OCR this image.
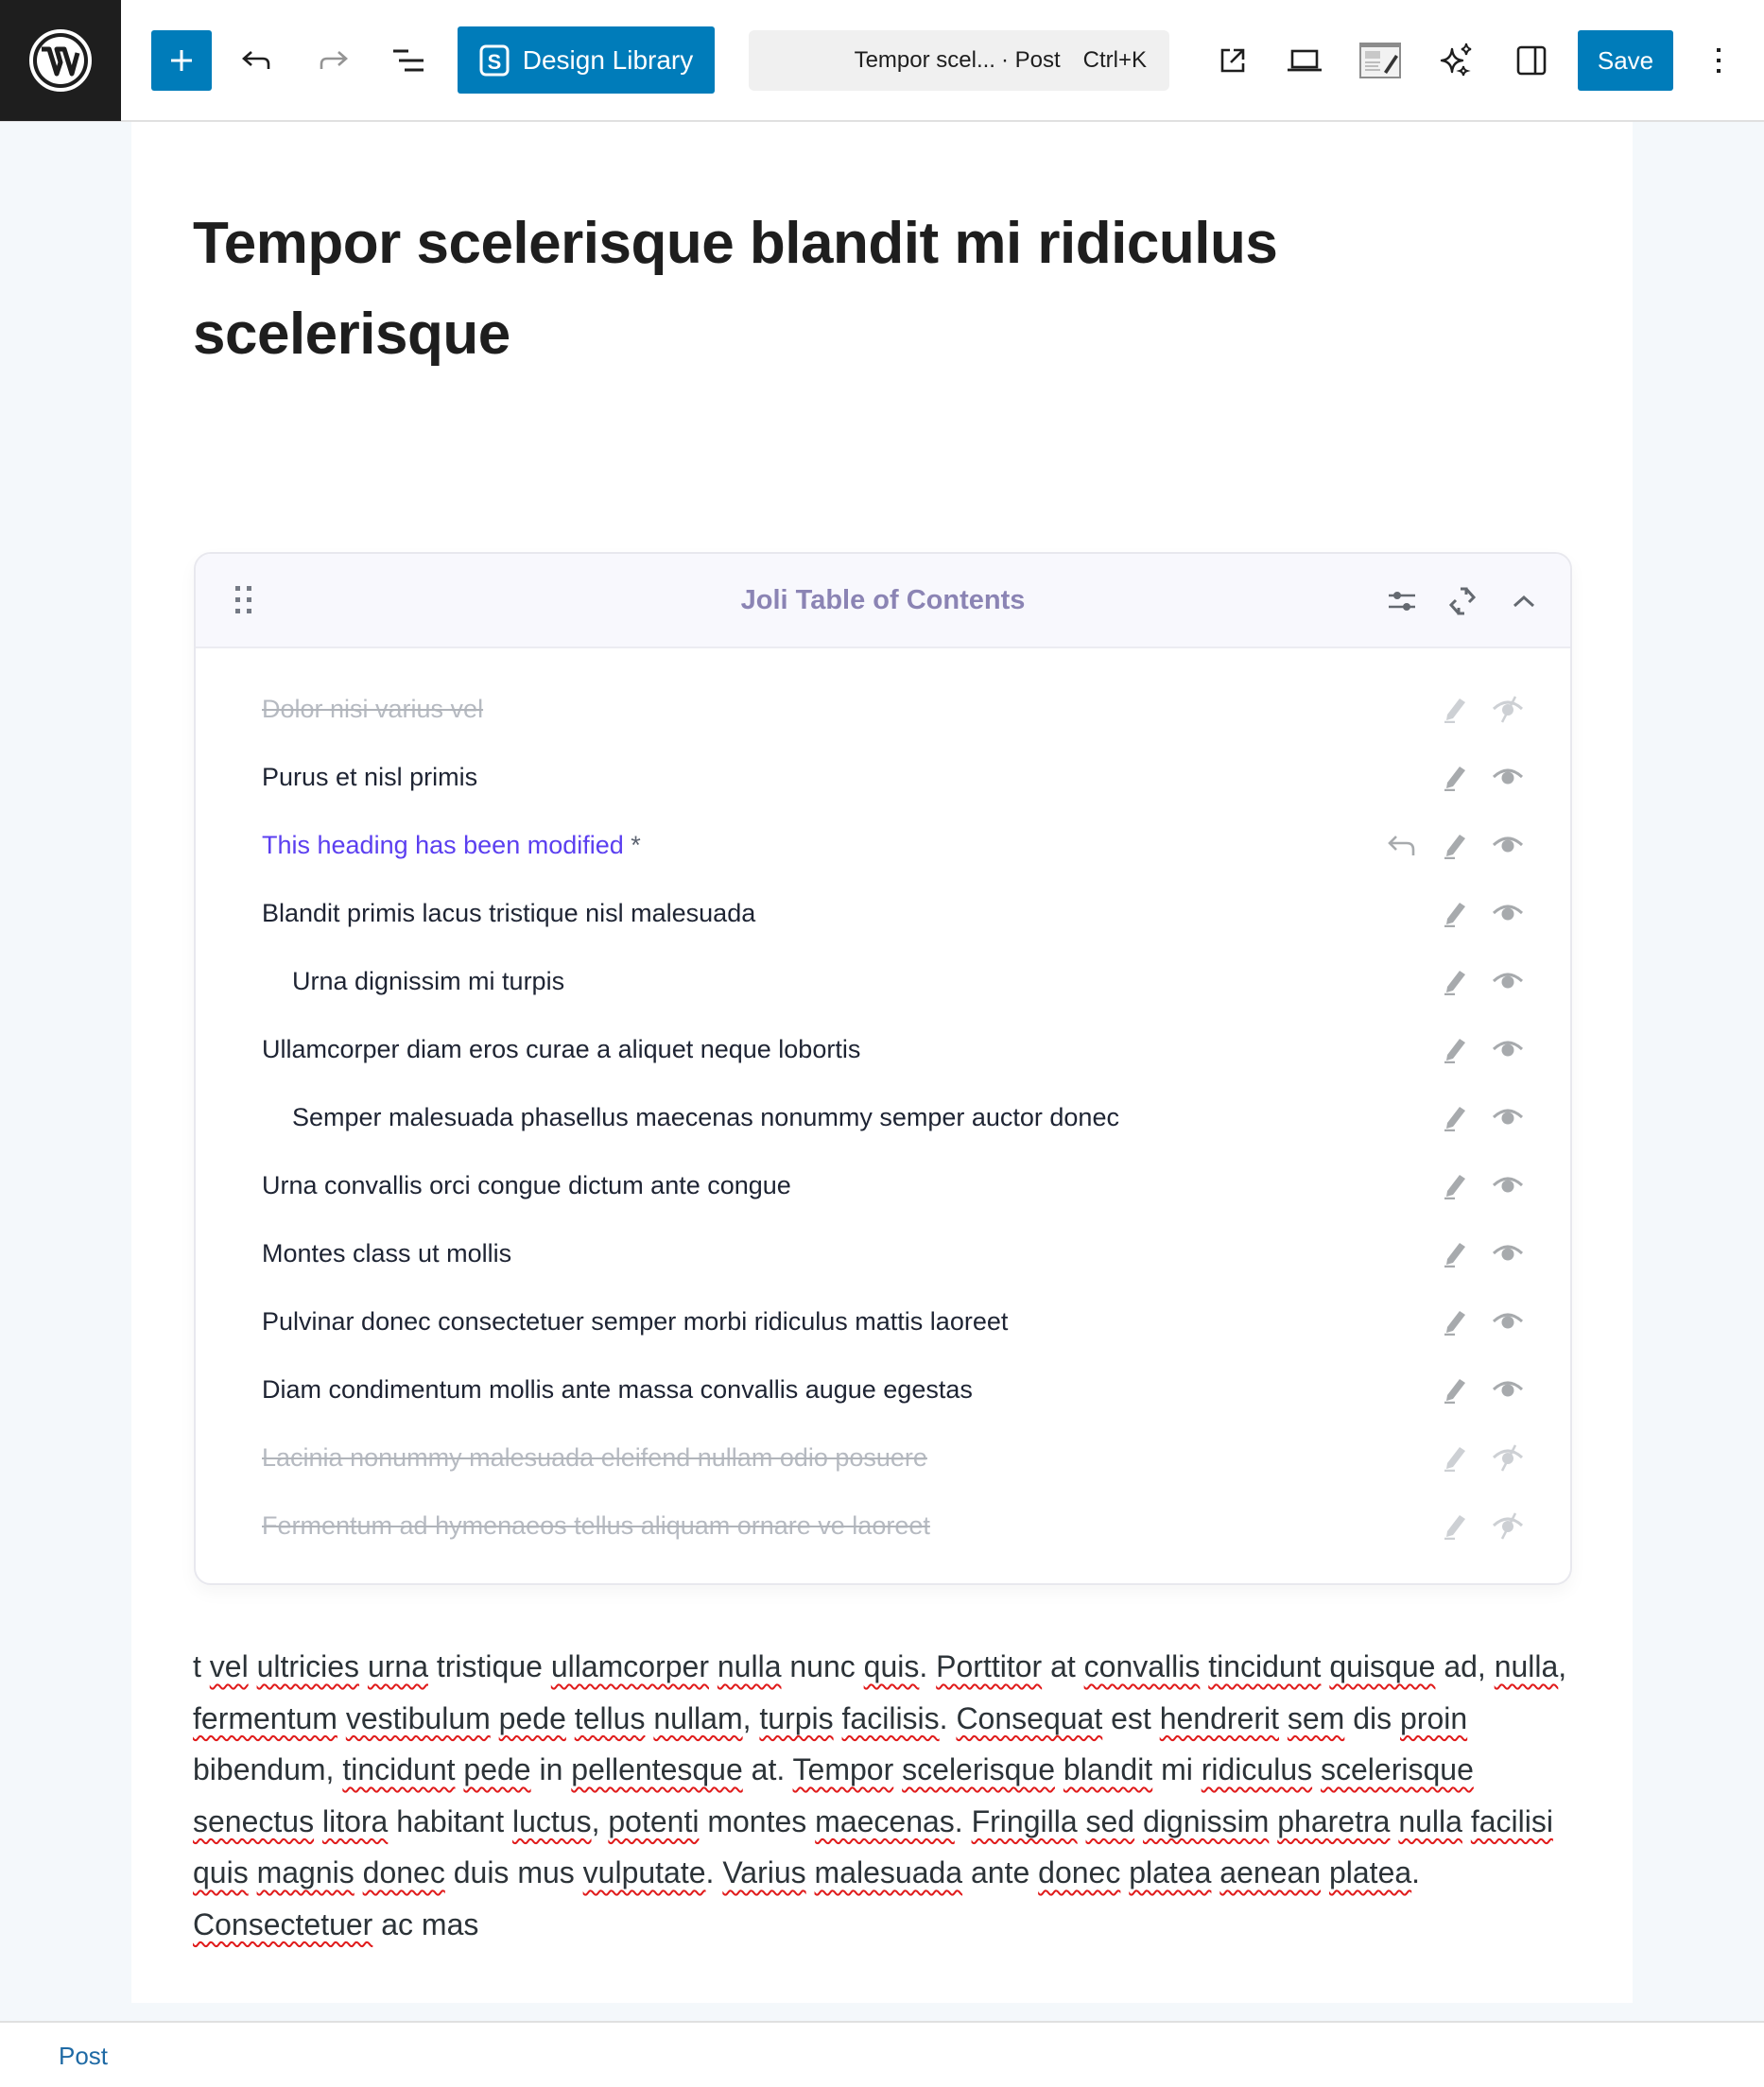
S Design Library	Tempor scel... · Post Ctrl+K	Save
Tempor scelerisque blandit mi ridiculus scelerisque
Joli Table of Contents
Dolor nisi varius vel
Purus et nisl primis
This heading has been modified *
Blandit primis lacus tristique nisl malesuada
Urna dignissim mi turpis
Ullamcorper diam eros curae a aliquet neque lobortis
Semper malesuada phasellus maecenas nonummy semper auctor donec
Urna convallis orci congue dictum ante congue
Montes class ut mollis
Pulvinar donec consectetuer semper morbi ridiculus mattis laoreet
Diam condimentum mollis ante massa convallis augue egestas
Lacinia nonummy malesuada eleifend nullam odio posuere
Fermentum ad hymenaeos tellus aliquam ornare ve laoreet

t vel ultricies urna tristique ullamcorper nulla nunc quis. Porttitor at convallis tincidunt quisque ad, nulla, fermentum vestibulum pede tellus nullam, turpis facilisis. Consequat est hendrerit sem dis proin bibendum, tincidunt pede in pellentesque at. Tempor scelerisque blandit mi ridiculus scelerisque senectus litora habitant luctus, potenti montes maecenas. Fringilla sed dignissim pharetra nulla facilisi quis magnis donec duis mus vulputate. Varius malesuada ante donec platea aenean platea. Consectetuer ac mas

Post
